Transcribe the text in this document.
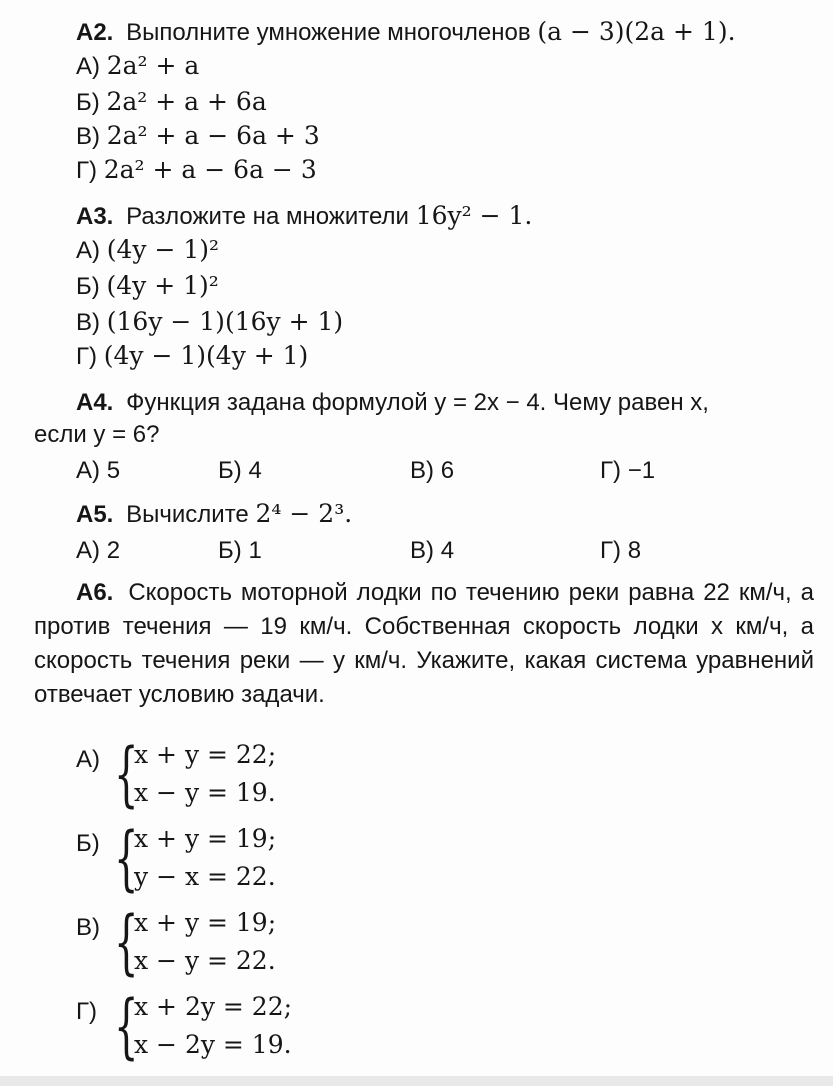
А2. Выполните умножение многочленов (a − 3)(2a + 1).
А) 2a² + a
Б) 2a² + a + 6a
В) 2a² + a − 6a + 3
Г) 2a² + a − 6a − 3
А3. Разложите на множители 16y² − 1.
А) (4y − 1)²
Б) (4y + 1)²
В) (16y − 1)(16y + 1)
Г) (4y − 1)(4y + 1)
А4. Функция задана формулой y = 2x − 4. Чему равен x,
если y = 6?
А) 5	Б) 4	В) 6	Г) −1
А5. Вычислите 2⁴ − 2³.
А) 2	Б) 1	В) 4	Г) 8
А6. Скорость моторной лодки по течению реки равна 22 км/ч, а против течения — 19 км/ч. Собственная скорость лодки x км/ч, а скорость течения реки — y км/ч. Укажите, какая система уравнений отвечает условию задачи.
А) {
x + y = 22;
x − y = 19.
Б) {
x + y = 19;
y − x = 22.
В) {
x + y = 19;
x − y = 22.
Г) {
x + 2y = 22;
x − 2y = 19.
